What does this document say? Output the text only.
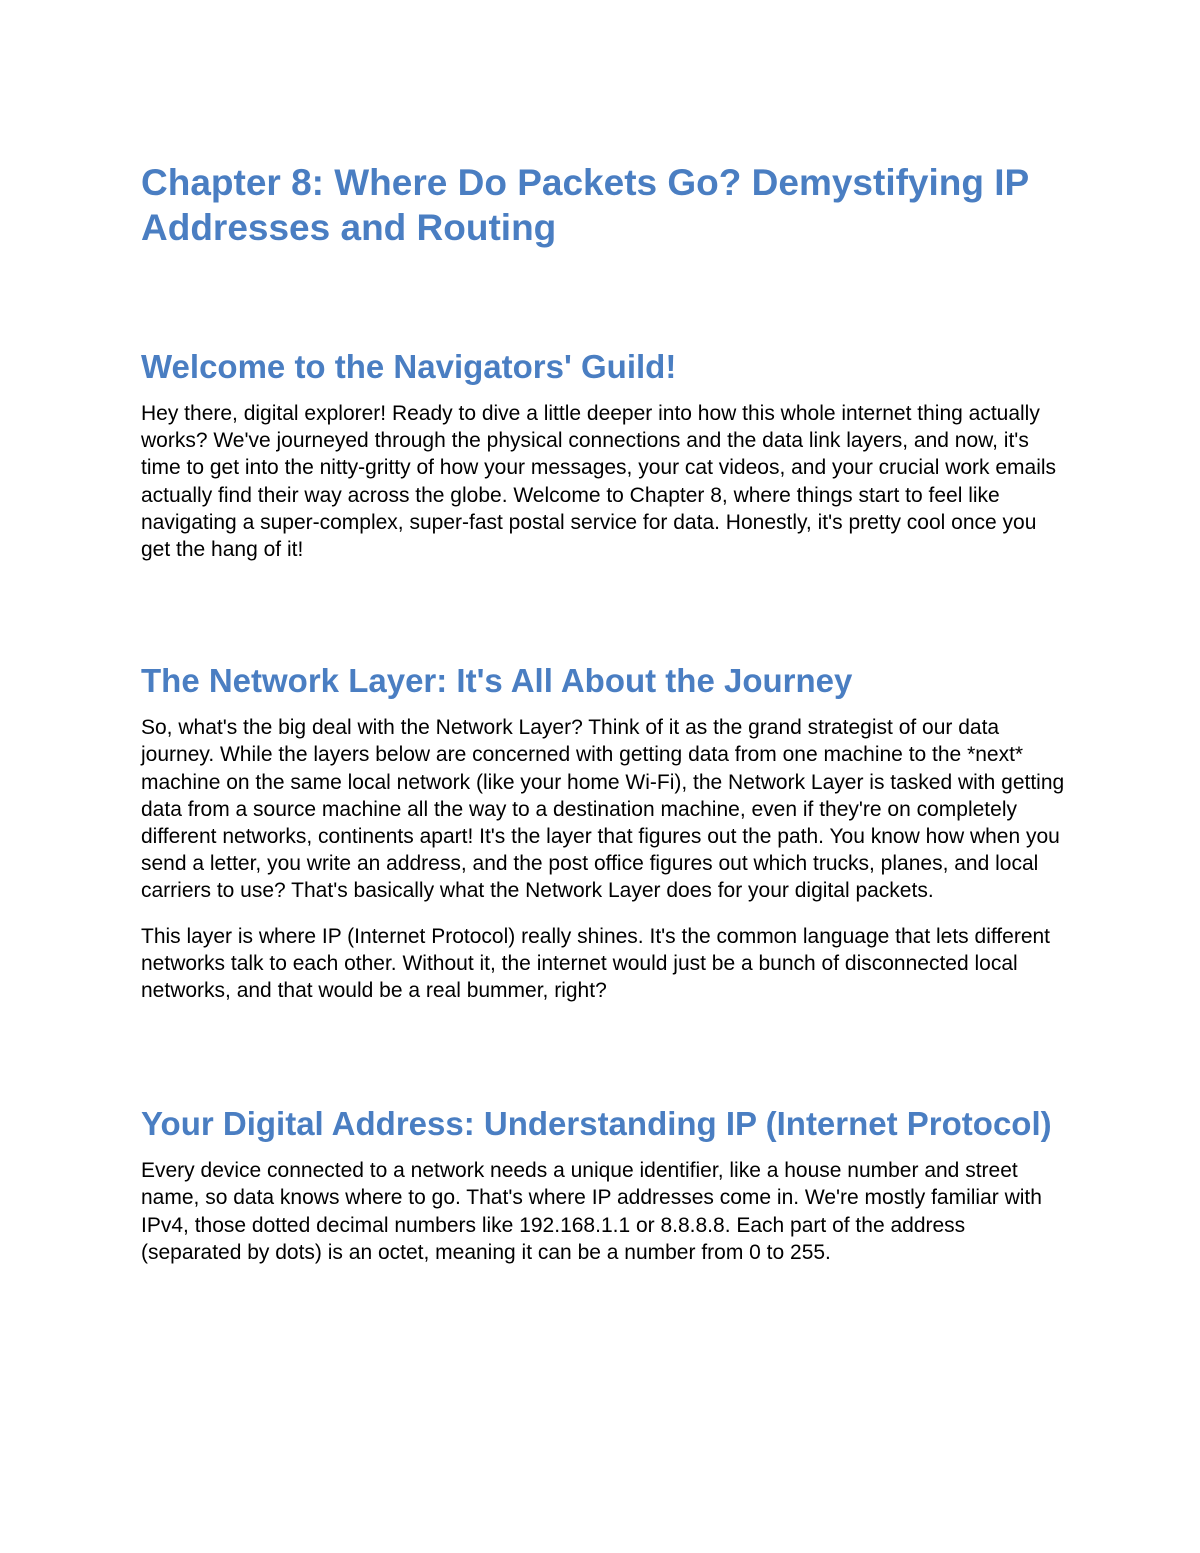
Chapter 8: Where Do Packets Go? Demystifying IP Addresses and Routing
Welcome to the Navigators' Guild!

Hey there, digital explorer! Ready to dive a little deeper into how this whole internet thing actually works? We've journeyed through the physical connections and the data link layers, and now, it's time to get into the nitty-gritty of how your messages, your cat videos, and your crucial work emails actually find their way across the globe. Welcome to Chapter 8, where things start to feel like navigating a super-complex, super-fast postal service for data. Honestly, it's pretty cool once you get the hang of it!

The Network Layer: It's All About the Journey

So, what's the big deal with the Network Layer? Think of it as the grand strategist of our data journey. While the layers below are concerned with getting data from one machine to the *next* machine on the same local network (like your home Wi-Fi), the Network Layer is tasked with getting data from a source machine all the way to a destination machine, even if they're on completely different networks, continents apart! It's the layer that figures out the path. You know how when you send a letter, you write an address, and the post office figures out which trucks, planes, and local carriers to use? That's basically what the Network Layer does for your digital packets.

This layer is where IP (Internet Protocol) really shines. It's the common language that lets different networks talk to each other. Without it, the internet would just be a bunch of disconnected local networks, and that would be a real bummer, right?

Your Digital Address: Understanding IP (Internet Protocol)

Every device connected to a network needs a unique identifier, like a house number and street name, so data knows where to go. That's where IP addresses come in. We're mostly familiar with IPv4, those dotted decimal numbers like 192.168.1.1 or 8.8.8.8. Each part of the address (separated by dots) is an octet, meaning it can be a number from 0 to 255.
